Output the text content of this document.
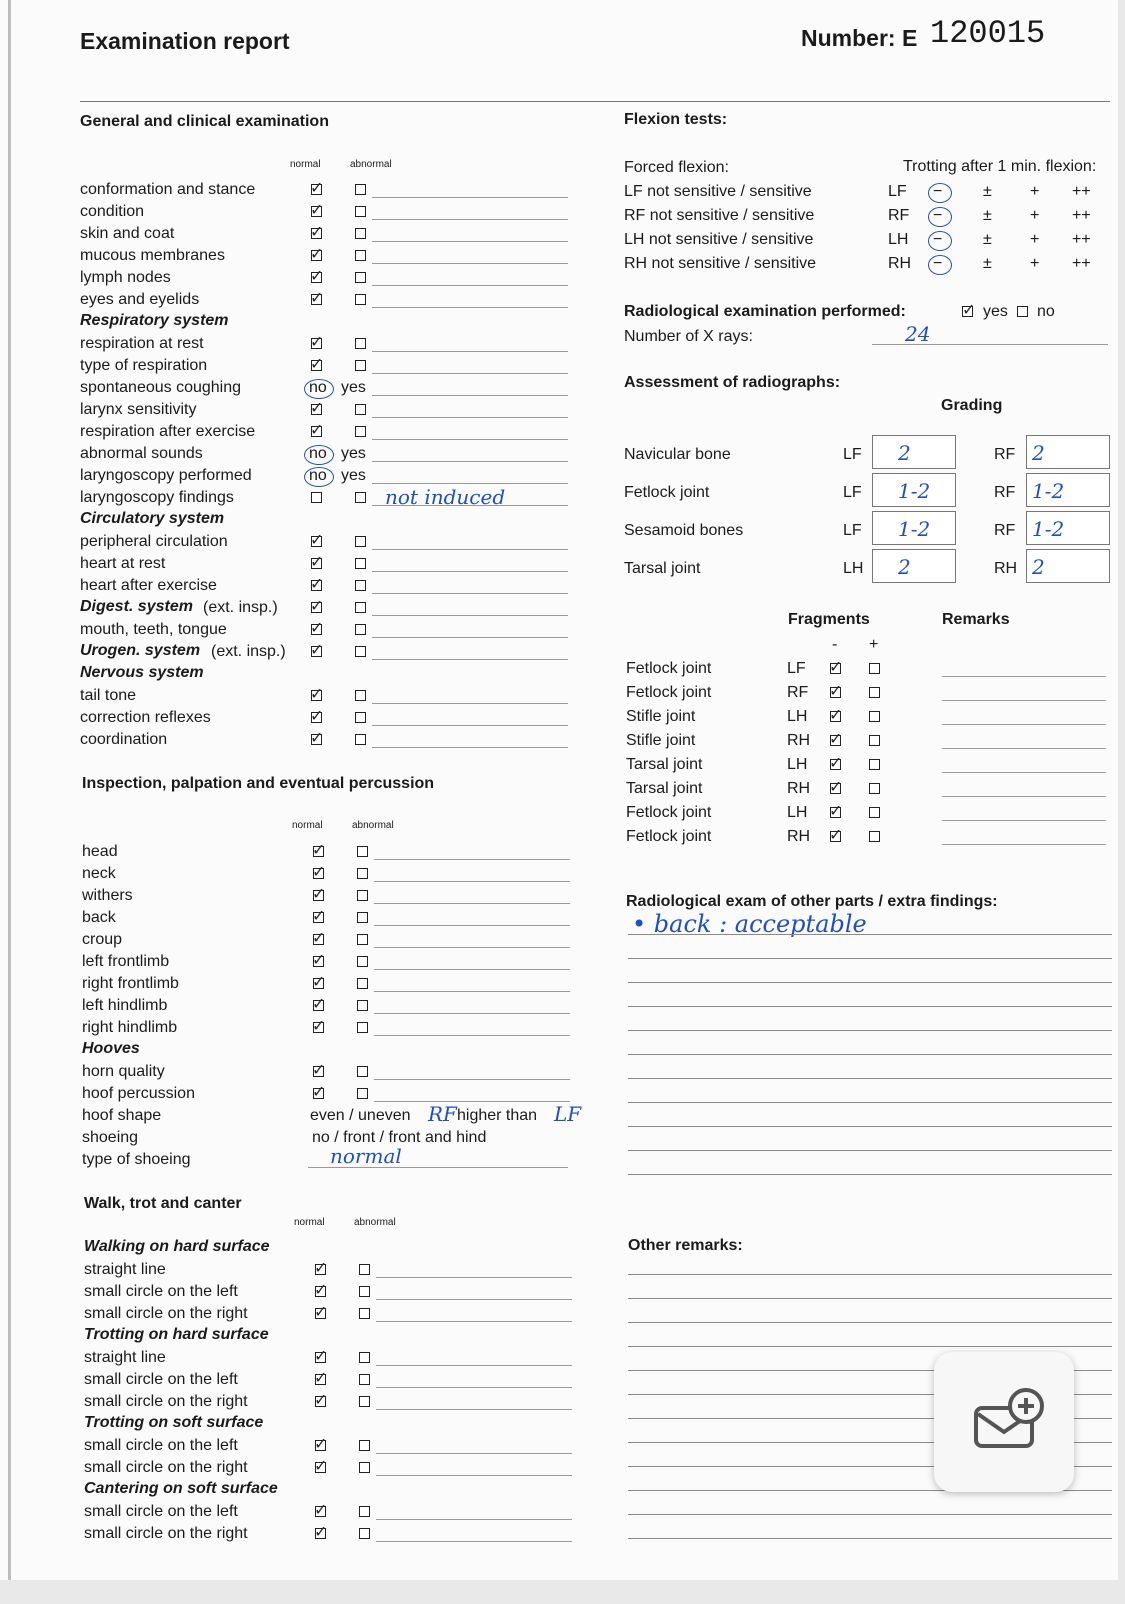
Examination report	Number: E 120015
General and clinical examination
normal	abnormal
conformation and stance	✓
condition	✓
skin and coat	✓
mucous membranes	✓
lymph nodes	✓
eyes and eyelids	✓
Respiratory system
respiration at rest	✓
type of respiration	✓
spontaneous coughing	no yes
larynx sensitivity	✓
respiration after exercise	✓
abnormal sounds	no yes
laryngoscopy performed	no yes
laryngoscopy findings	not induced
Circulatory system
peripheral circulation	✓
heart at rest	✓
heart after exercise	✓
Digest. system (ext. insp.) ✓
mouth, teeth, tongue	✓
Urogen. system (ext. insp.) ✓
Nervous system
tail tone	✓
correction reflexes	✓
coordination	✓
Inspection, palpation and eventual percussion
normal	abnormal
head	✓
neck	✓
withers	✓
back	✓
croup	✓
left frontlimb	✓
right frontlimb	✓
left hindlimb	✓
right hindlimb	✓
Hooves
horn quality	✓
hoof percussion	✓
hoof shape	even / uneven RF higher than LF
shoeing	no / front / front and hind
type of shoeing	normal
Walk, trot and canter
normal	abnormal
Walking on hard surface
straight line	✓
small circle on the left	✓
small circle on the right	✓
Trotting on hard surface
straight line	✓
small circle on the left	✓
small circle on the right	✓
Trotting on soft surface
small circle on the left	✓
small circle on the right	✓
Cantering on soft surface
small circle on the left	✓
small circle on the right	✓
Flexion tests:
Forced flexion:	Trotting after 1 min. flexion:
LF not sensitive / sensitive	LF −	± + ++
RF not sensitive / sensitive	RF −	± + ++
LH not sensitive / sensitive	LH −	± + ++
RH not sensitive / sensitive	RH −	± + ++
Radiological examination performed:	✓ yes no
Number of X rays:	24
Assessment of radiographs:
Grading
Navicular bone	LF 2	RF 2
Fetlock joint	LF 1-2	RF 1-2
Sesamoid bones	LF 1-2	RF 1-2
Tarsal joint	LH 2	RH 2
Fragments	Remarks
- +
Fetlock joint	LF ✓
Fetlock joint	RF ✓
Stifle joint	LH ✓
Stifle joint	RH ✓
Tarsal joint	LH ✓
Tarsal joint	RH ✓
Fetlock joint	LH ✓
Fetlock joint	RH ✓
Radiological exam of other parts / extra findings:
• back : acceptable
Other remarks:
